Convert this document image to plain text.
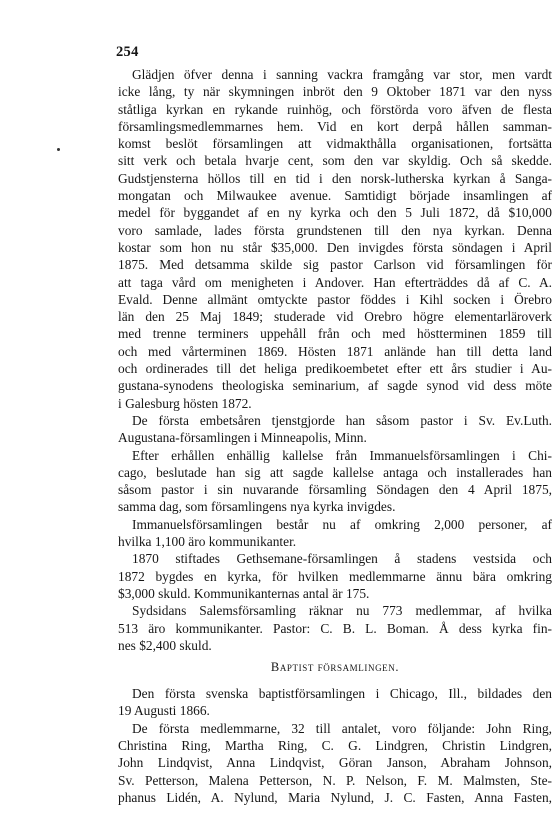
254
Glädjen öfver denna i sanning vackra framgång var stor, men vardt
icke lång, ty när skymningen inbröt den 9 Oktober 1871 var den nyss
ståtliga kyrkan en rykande ruinhög, och förstörda voro äfven de flesta
församlingsmedlemmarnes hem. Vid en kort derpå hållen samman-
komst beslöt församlingen att vidmakthålla organisationen, fortsätta
sitt verk och betala hvarje cent, som den var skyldig. Och så skedde.
Gudstjensterna höllos till en tid i den norsk-lutherska kyrkan å Sanga-
mongatan och Milwaukee avenue. Samtidigt började insamlingen af
medel för byggandet af en ny kyrka och den 5 Juli 1872, då $10,000
voro samlade, lades första grundstenen till den nya kyrkan. Denna
kostar som hon nu står $35,000. Den invigdes första söndagen i April
1875. Med detsamma skilde sig pastor Carlson vid församlingen för
att taga vård om menigheten i Andover. Han efterträddes då af C. A.
Evald. Denne allmänt omtyckte pastor föddes i Kihl socken i Örebro
län den 25 Maj 1849; studerade vid Orebro högre elementarläroverk
med trenne terminers uppehåll från och med höstterminen 1859 till
och med vårterminen 1869. Hösten 1871 anlände han till detta land
och ordinerades till det heliga predikoembetet efter ett års studier i Au-
gustana-synodens theologiska seminarium, af sagde synod vid dess möte
i Galesburg hösten 1872.
De första embetsåren tjenstgjorde han såsom pastor i Sv. Ev.Luth.
Augustana-församlingen i Minneapolis, Minn.
Efter erhållen enhällig kallelse från Immanuelsförsamlingen i Chi-
cago, beslutade han sig att sagde kallelse antaga och installerades han
såsom pastor i sin nuvarande församling Söndagen den 4 April 1875,
samma dag, som församlingens nya kyrka invigdes.
Immanuelsförsamlingen består nu af omkring 2,000 personer, af
hvilka 1,100 äro kommunikanter.
1870 stiftades Gethsemane-församlingen å stadens vestsida och
1872 bygdes en kyrka, för hvilken medlemmarne ännu bära omkring
$3,000 skuld. Kommunikanternas antal är 175.
Sydsidans Salemsförsamling räknar nu 773 medlemmar, af hvilka
513 äro kommunikanter. Pastor: C. B. L. Boman. Å dess kyrka fin-
nes $2,400 skuld.
Baptist församlingen.
Den första svenska baptistförsamlingen i Chicago, Ill., bildades den
19 Augusti 1866.
De första medlemmarne, 32 till antalet, voro följande: John Ring,
Christina Ring, Martha Ring, C. G. Lindgren, Christin Lindgren,
John Lindqvist, Anna Lindqvist, Göran Janson, Abraham Johnson,
Sv. Petterson, Malena Petterson, N. P. Nelson, F. M. Malmsten, Ste-
phanus Lidén, A. Nylund, Maria Nylund, J. C. Fasten, Anna Fasten,
